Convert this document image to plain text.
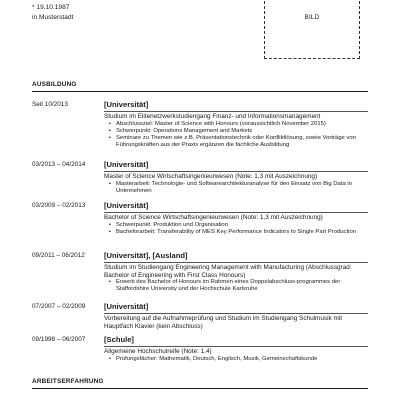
* 19.10.1987
in Musterstadt	BILD
AUSBILDUNG
Seit 10/2013	[Universität]
Studium im Elitenetzwerkstudiengang Finanz- und Informationsmanagement
▪ Abschlussziel: Master of Science with Honours (voraussichtlich November 2015)
▪ Schwerpunkt: Operations Management and Markets
▪ Seminare zu Themen wie z.B. Präsentationstechnik oder Konfliktlösung, sowie Vorträge von Führungskräften aus der Praxis ergänzen die fachliche Ausbildung
03/2013 – 04/2014 [Universität]
Master of Science Wirtschaftsingenieurwesen (Note: 1,3 mit Auszeichnung)
▪ Masterarbeit: Technologie- und Softwarearchitekturanalyse für den Einsatz von Big Data in Unternehmen
03/2009 – 02/2013 [Universität]
Bachelor of Science Wirtschaftsingenieurwesen (Note: 1,3 mit Auszeichnung)
▪ Schwerpunkt: Produktion und Organisation
▪ Bachelorarbeit: Transferability of MES Key Performance Indicators to Single Part Production
09/2011 – 06/2012	[Universität], [Ausland]
Studium im Studiengang Engineering Management with Manufacturing (Abschlussgrad: Bachelor of Engineering with First Class Honours)
▪ Erwerb des Bachelor of Honours im Rahmen eines Doppelabschluss-programmes der Staffordshire University und der Hochschule Karlsruhe
07/2007 – 02/2009 [Universität]
Vorbereitung auf die Aufnahmeprüfung und Studium im Studiengang Schulmusik mit Hauptfach Klavier (kein Abschluss)
09/1998 – 06/2007 [Schule]
Allgemeine Hochschulreife (Note: 1,4)
▪ Prüfungsfächer: Mathematik, Deutsch, Englisch, Musik, Gemeinschaftskunde
ARBEITSERFAHRUNG
